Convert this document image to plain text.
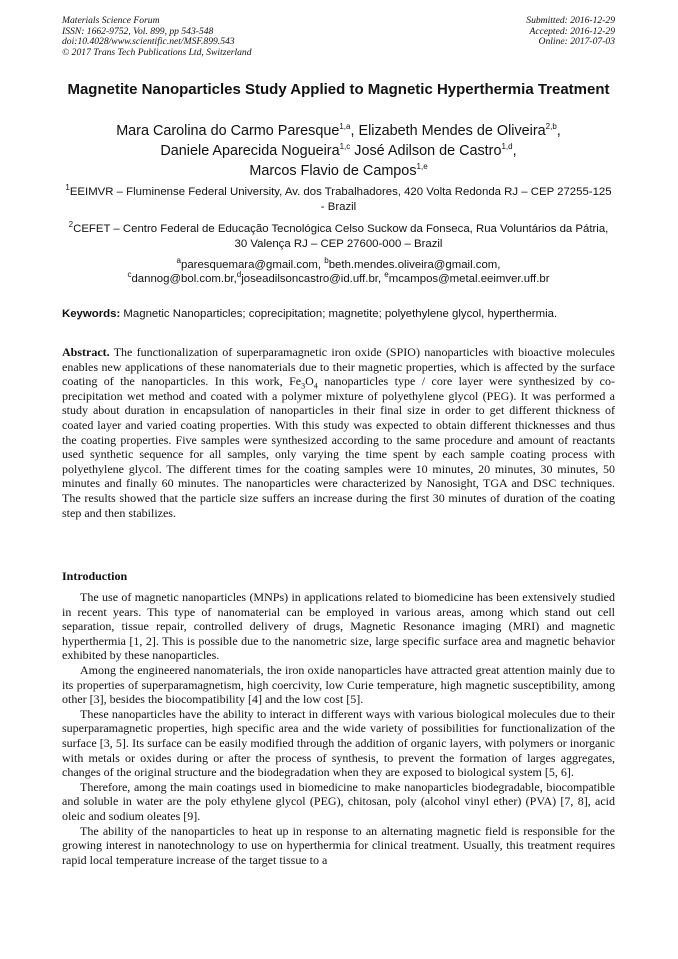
Materials Science Forum
ISSN: 1662-9752, Vol. 899, pp 543-548
doi:10.4028/www.scientific.net/MSF.899.543
© 2017 Trans Tech Publications Ltd, Switzerland
Submitted: 2016-12-29
Accepted: 2016-12-29
Online: 2017-07-03
Magnetite Nanoparticles Study Applied to Magnetic Hyperthermia Treatment
Mara Carolina do Carmo Paresque$^{1,a}$, Elizabeth Mendes de Oliveira$^{2,b}$,
Daniele Aparecida Nogueira$^{1,c}$ José Adilson de Castro$^{1,d}$,
Marcos Flavio de Campos$^{1,e}$
$^1$EEIMVR – Fluminense Federal University, Av. dos Trabalhadores, 420 Volta Redonda RJ – CEP 27255-125 - Brazil
$^2$CEFET – Centro Federal de Educação Tecnológica Celso Suckow da Fonseca, Rua Voluntários da Pátria, 30 Valença RJ – CEP 27600-000 – Brazil
$^a$paresquemara@gmail.com, $^b$beth.mendes.oliveira@gmail.com,
$^c$dannog@bol.com.br,$^d$joseadilsoncastro@id.uff.br, $^e$mcampos@metal.eeimver.uff.br
Keywords: Magnetic Nanoparticles; coprecipitation; magnetite; polyethylene glycol, hyperthermia.
Abstract. The functionalization of superparamagnetic iron oxide (SPIO) nanoparticles with bioactive molecules enables new applications of these nanomaterials due to their magnetic properties, which is affected by the surface coating of the nanoparticles. In this work, $Fe_3O_4$ nanoparticles type / core layer were synthesized by co-precipitation wet method and coated with a polymer mixture of polyethylene glycol (PEG). It was performed a study about duration in encapsulation of nanoparticles in their final size in order to get different thickness of coated layer and varied coating properties. With this study was expected to obtain different thicknesses and thus the coating properties. Five samples were synthesized according to the same procedure and amount of reactants used synthetic sequence for all samples, only varying the time spent by each sample coating process with polyethylene glycol. The different times for the coating samples were 10 minutes, 20 minutes, 30 minutes, 50 minutes and finally 60 minutes. The nanoparticles were characterized by Nanosight, TGA and DSC techniques. The results showed that the particle size suffers an increase during the first 30 minutes of duration of the coating step and then stabilizes.
Introduction

The use of magnetic nanoparticles (MNPs) in applications related to biomedicine has been extensively studied in recent years. This type of nanomaterial can be employed in various areas, among which stand out cell separation, tissue repair, controlled delivery of drugs, Magnetic Resonance imaging (MRI) and magnetic hyperthermia [1, 2]. This is possible due to the nanometric size, large specific surface area and magnetic behavior exhibited by these nanoparticles.

Among the engineered nanomaterials, the iron oxide nanoparticles have attracted great attention mainly due to its properties of superparamagnetism, high coercivity, low Curie temperature, high magnetic susceptibility, among other [3], besides the biocompatibility [4] and the low cost [5].

These nanoparticles have the ability to interact in different ways with various biological molecules due to their superparamagnetic properties, high specific area and the wide variety of possibilities for functionalization of the surface [3, 5]. Its surface can be easily modified through the addition of organic layers, with polymers or inorganic with metals or oxides during or after the process of synthesis, to prevent the formation of larges aggregates, changes of the original structure and the biodegradation when they are exposed to biological system [5, 6].

Therefore, among the main coatings used in biomedicine to make nanoparticles biodegradable, biocompatible and soluble in water are the poly ethylene glycol (PEG), chitosan, poly (alcohol vinyl ether) (PVA) [7, 8], acid oleic and sodium oleates [9].

The ability of the nanoparticles to heat up in response to an alternating magnetic field is responsible for the growing interest in nanotechnology to use on hyperthermia for clinical treatment. Usually, this treatment requires rapid local temperature increase of the target tissue to a
